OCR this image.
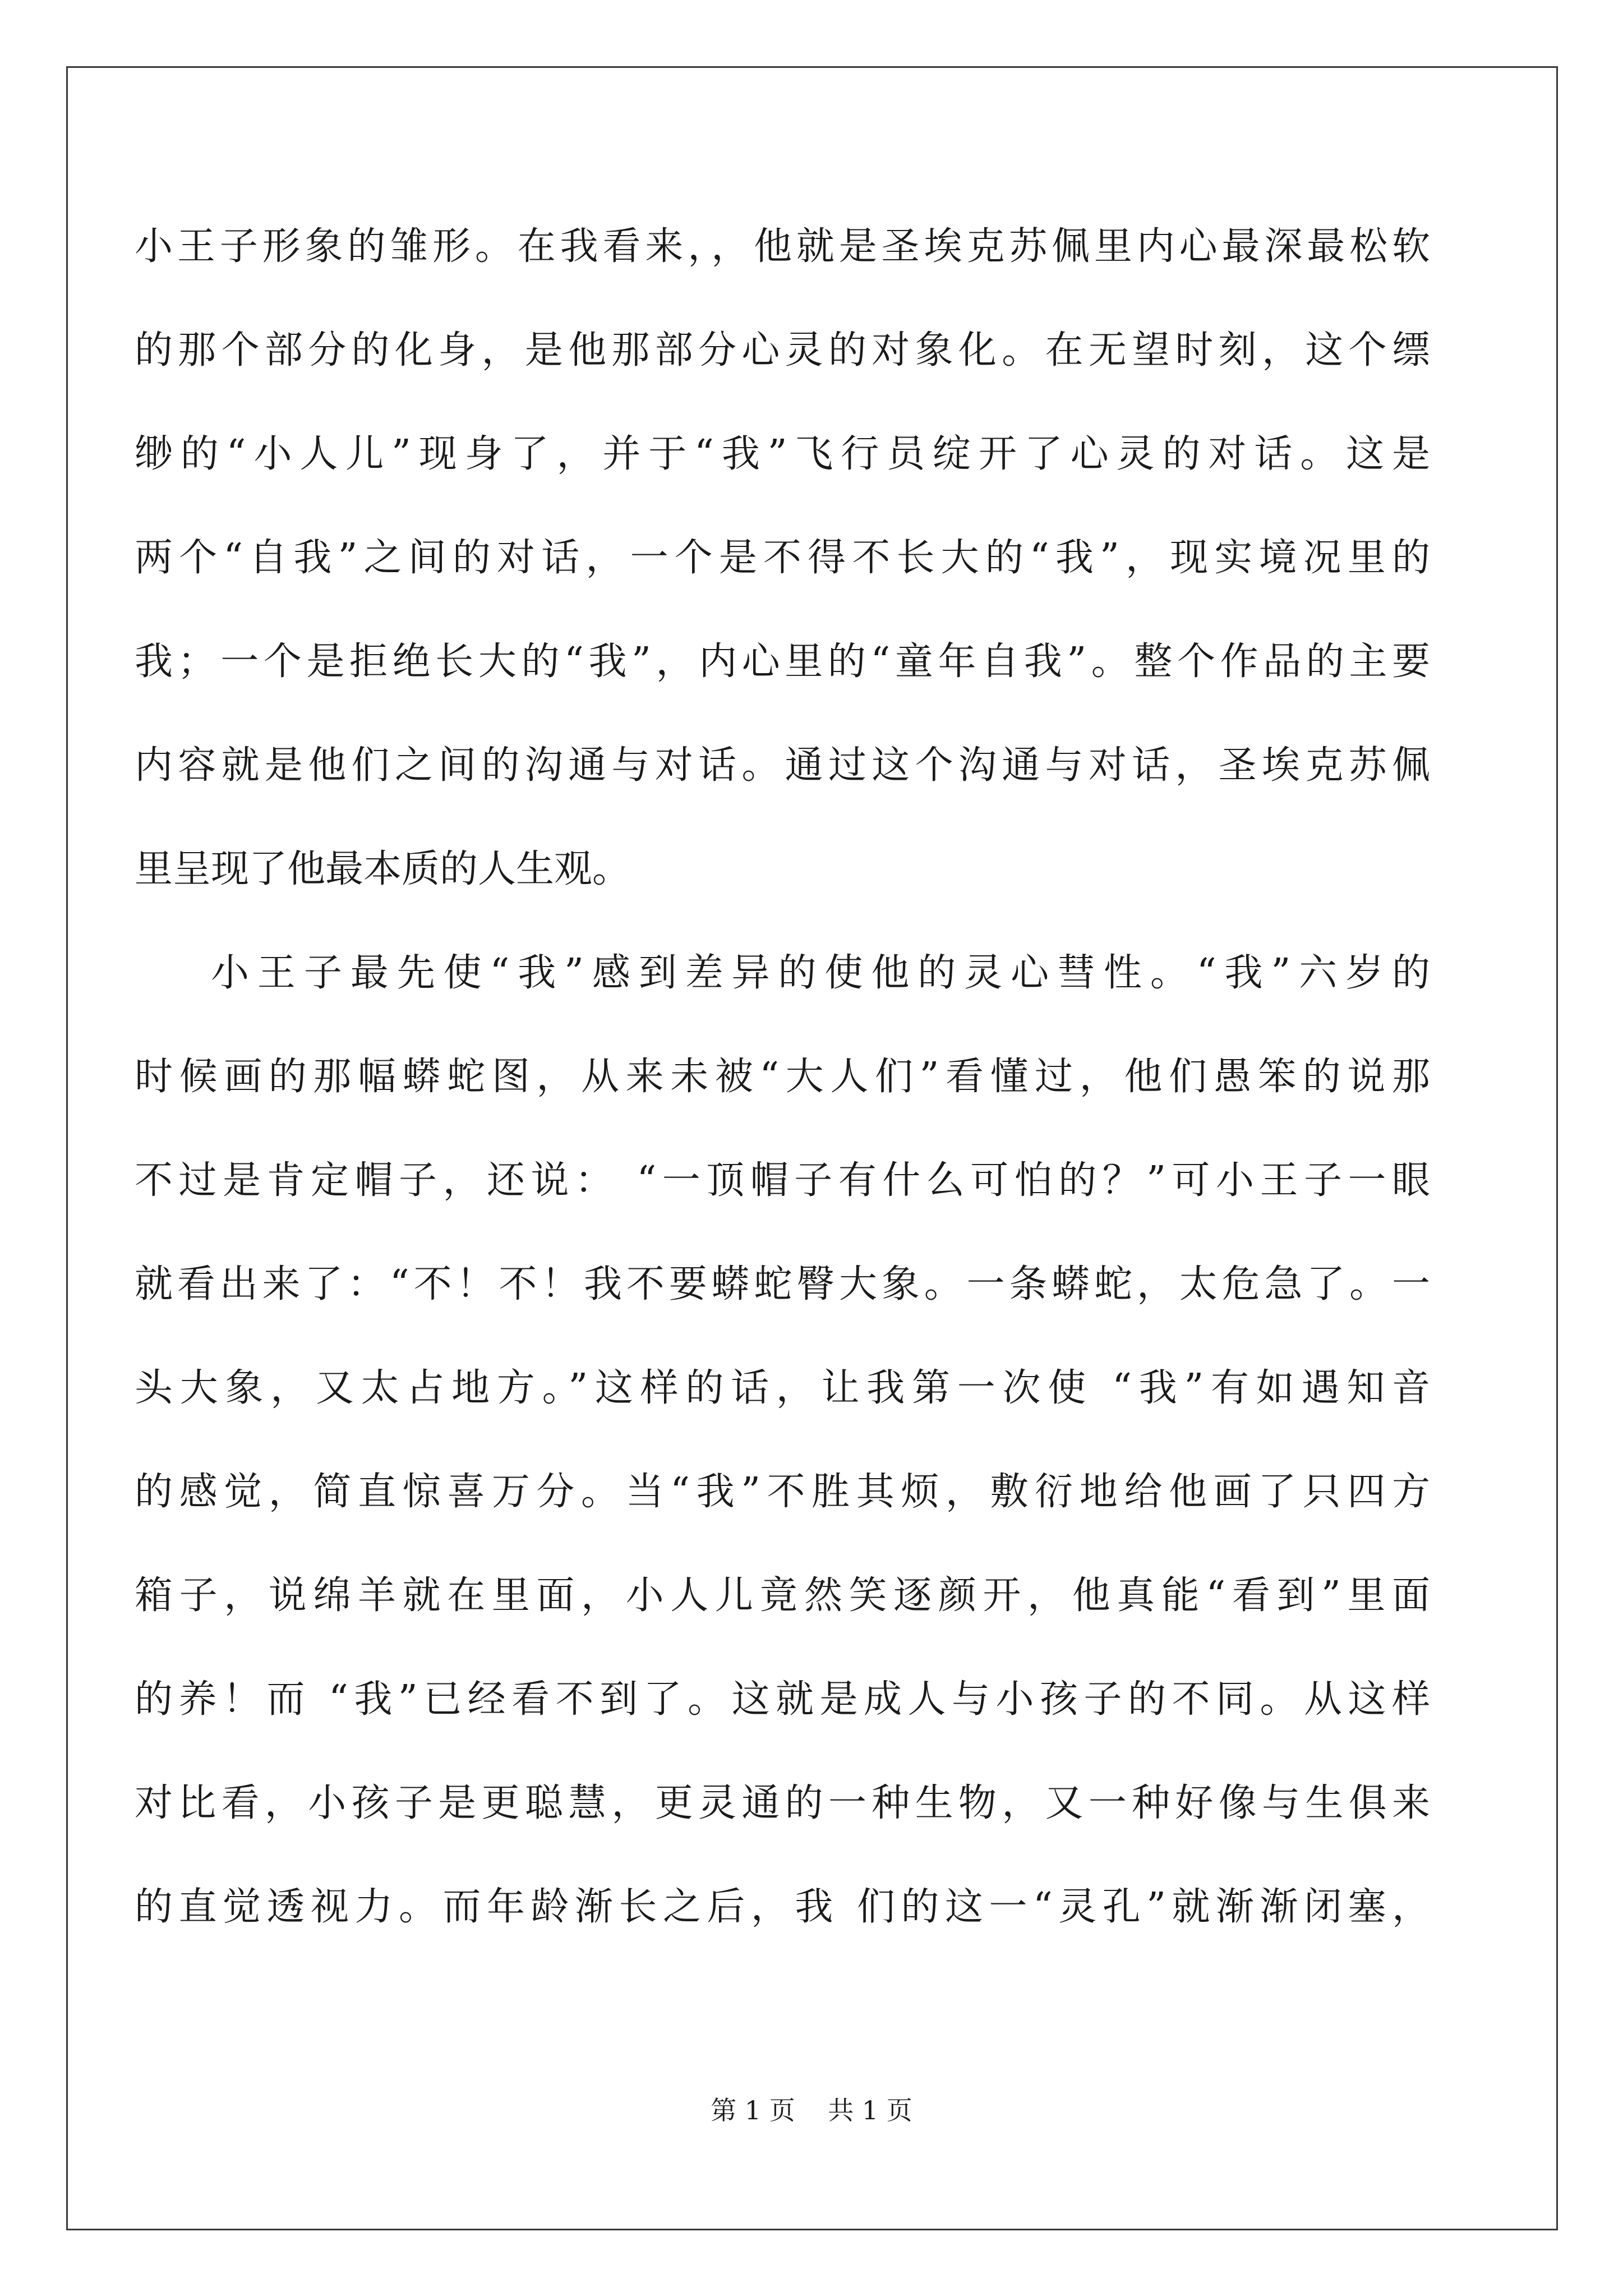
小王子形象的雏形。在我看来，，他就是圣埃克苏佩里内心最深最松软
的那个部分的化身，是他那部分心灵的对象化。在无望时刻，这个缥
缈的“小人儿”现身了，并于“我”飞行员绽开了心灵的对话。这是
两个“自我”之间的对话，一个是不得不长大的“我”，现实境况里的
我；一个是拒绝长大的“我”，内心里的“童年自我”。整个作品的主要
内容就是他们之间的沟通与对话。通过这个沟通与对话，圣埃克苏佩
里呈现了他最本质的人生观。
小王子最先使“我”感到差异的使他的灵心彗性。“我”六岁的
时候画的那幅蟒蛇图，从来未被“大人们”看懂过，他们愚笨的说那
不过是肯定帽子，还说： “一顶帽子有什么可怕的？”可小王子一眼
就看出来了：“不！不！我不要蟒蛇臀大象。一条蟒蛇，太危急了。一
头大象，又太占地方。”这样的话，让我第一次使 “我”有如遇知音
的感觉，简直惊喜万分。当“我”不胜其烦，敷衍地给他画了只四方
箱子，说绵羊就在里面，小人儿竟然笑逐颜开，他真能“看到”里面
的养！而 “我”已经看不到了。这就是成人与小孩子的不同。从这样
对比看，小孩子是更聪慧，更灵通的一种生物，又一种好像与生俱来
的直觉透视力。而年龄渐长之后，我 们的这一“灵孔”就渐渐闭塞，
第 1 页    共 1 页
